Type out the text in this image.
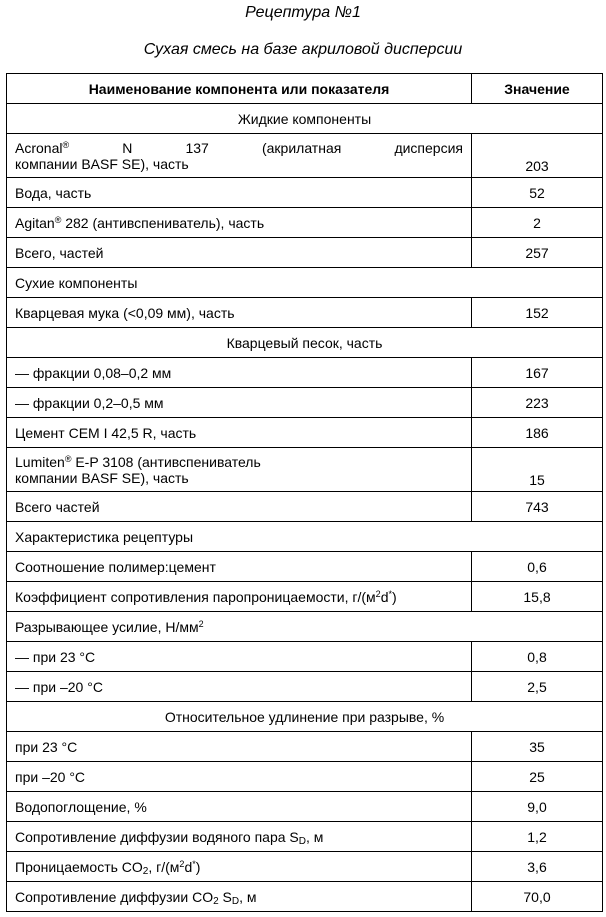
Рецептура №1
Сухая смесь на базе акриловой дисперсии
Наименование компонента или показателя	Значение
Жидкие компоненты	

Acronal® N 137 (акрилатная дисперсия
компании BASF SE), часть	203
Вода, часть	52
Agitan® 282 (антивспениватель), часть	2
Всего, частей	257
Сухие компоненты	
Кварцевая мука (<0,09 мм), часть	152
Кварцевый песок, часть	
— фракции 0,08–0,2 мм	167
— фракции 0,2–0,5 мм	223
Цемент CEM I 42,5 R, часть	186

Lumiten® E-P 3108 (антивспениватель
компании BASF SE), часть	15
Всего частей	743
Характеристика рецептуры	
Соотношение полимер:цемент	0,6
Коэффициент сопротивления паропроницаемости, $г/(м^2d^*)$	15,8
Разрывающее усилие, $Н/мм^2$
— при 23 °С	0,8
— при –20 °С	2,5
Относительное удлинение при разрыве, %	
при 23 °С	35
при –20 °С	25
Водопоглощение, %	9,0
Сопротивление диффузии водяного пара $S_D$, м	1,2
Проницаемость $CO_2$, $г/(м^2d^*)$	3,6
Сопротивление диффузии $CO_2$ $S_D$, м	70,0
